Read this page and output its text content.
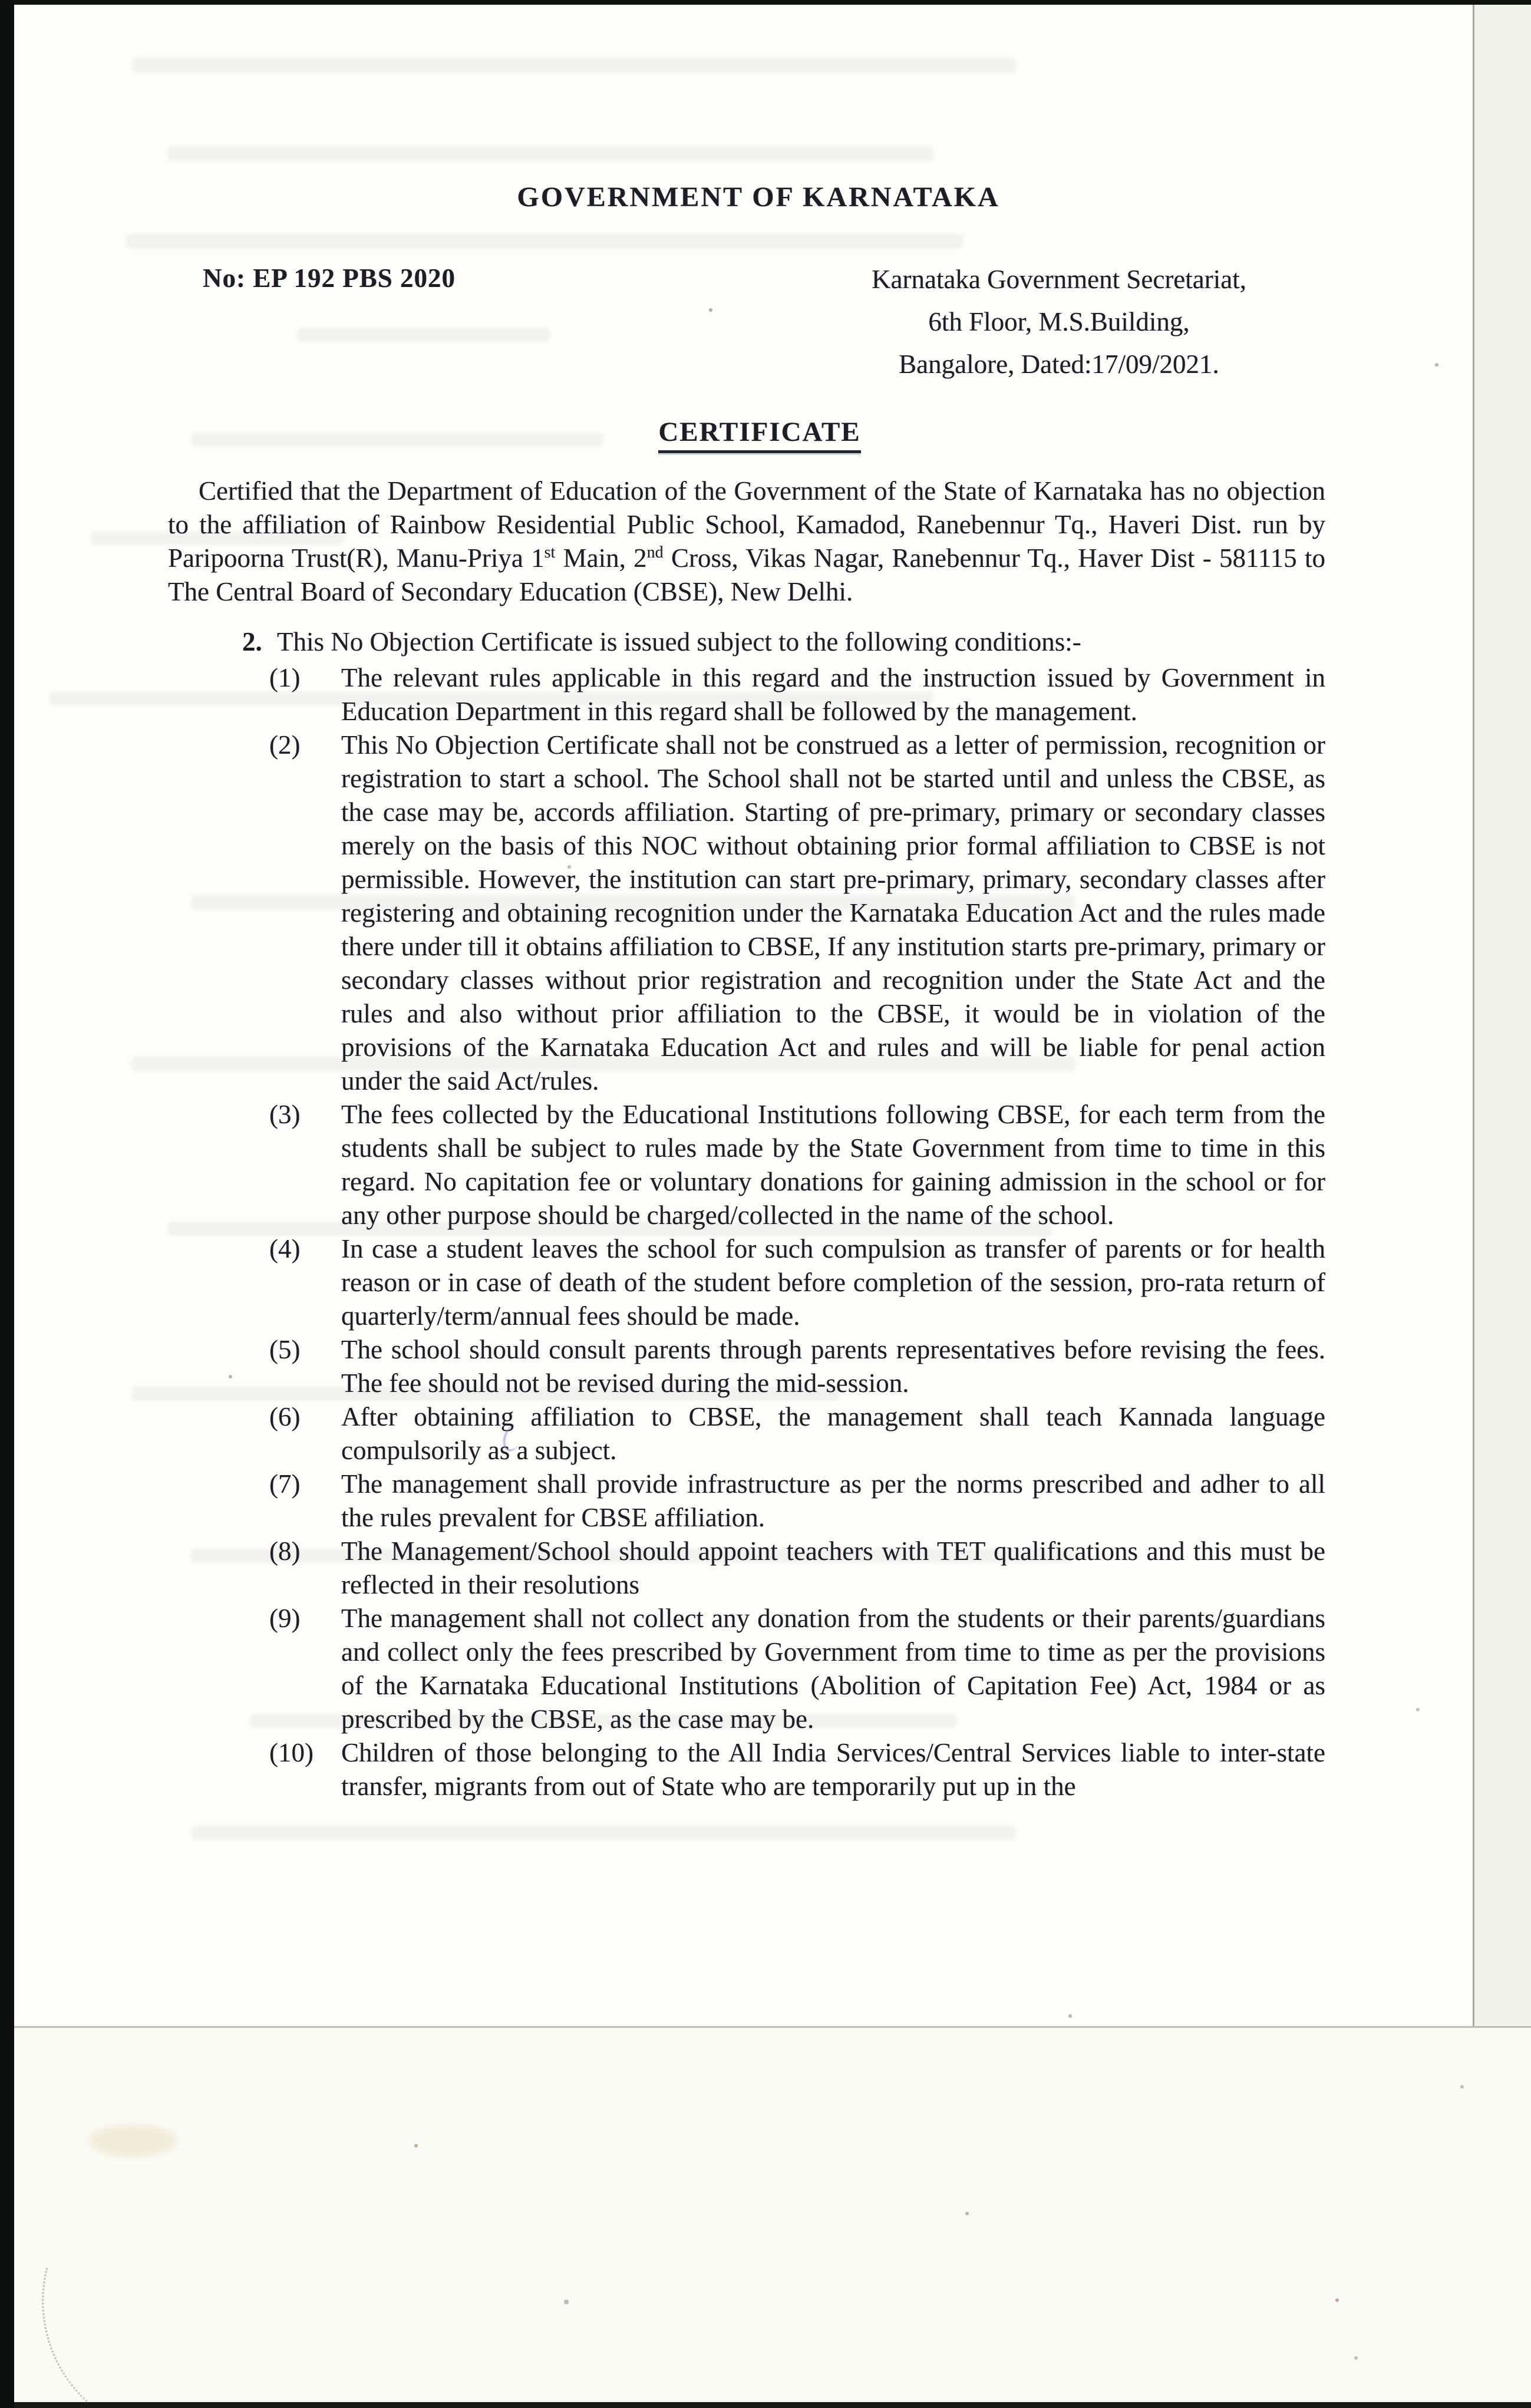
GOVERNMENT OF KARNATAKA
No: EP 192 PBS 2020	Karnataka Government Secretariat,
6th Floor, M.S.Building,
Bangalore, Dated:17/09/2021.
CERTIFICATE

Certified that the Department of Education of the Government of the State of Karnataka has no objection to the affiliation of Rainbow Residential Public School, Kamadod, Ranebennur Tq., Haveri Dist. run by Paripoorna Trust(R), Manu-Priya 1st Main, 2nd Cross, Vikas Nagar, Ranebennur Tq., Haver Dist - 581115 to The Central Board of Secondary Education (CBSE), New Delhi.

2. This No Objection Certificate is issued subject to the following conditions:-
(1) The relevant rules applicable in this regard and the instruction issued by Government in Education Department in this regard shall be followed by the management.
(2) This No Objection Certificate shall not be construed as a letter of permission, recognition or registration to start a school. The School shall not be started until and unless the CBSE, as the case may be, accords affiliation. Starting of pre-primary, primary or secondary classes merely on the basis of this NOC without obtaining prior formal affiliation to CBSE is not permissible. However, the institution can start pre-primary, primary, secondary classes after registering and obtaining recognition under the Karnataka Education Act and the rules made there under till it obtains affiliation to CBSE, If any institution starts pre-primary, primary or secondary classes without prior registration and recognition under the State Act and the rules and also without prior affiliation to the CBSE, it would be in violation of the provisions of the Karnataka Education Act and rules and will be liable for penal action under the said Act/rules.
(3) The fees collected by the Educational Institutions following CBSE, for each term from the students shall be subject to rules made by the State Government from time to time in this regard. No capitation fee or voluntary donations for gaining admission in the school or for any other purpose should be charged/collected in the name of the school.
(4) In case a student leaves the school for such compulsion as transfer of parents or for health reason or in case of death of the student before completion of the session, pro-rata return of quarterly/term/annual fees should be made.
(5) The school should consult parents through parents representatives before revising the fees. The fee should not be revised during the mid-session.
(6) After obtaining affiliation to CBSE, the management shall teach Kannada language compulsorily as a subject.
(7) The management shall provide infrastructure as per the norms prescribed and adher to all the rules prevalent for CBSE affiliation.
(8) The Management/School should appoint teachers with TET qualifications and this must be reflected in their resolutions
(9) The management shall not collect any donation from the students or their parents/guardians and collect only the fees prescribed by Government from time to time as per the provisions of the Karnataka Educational Institutions (Abolition of Capitation Fee) Act, 1984 or as prescribed by the CBSE, as the case may be.
(10) Children of those belonging to the All India Services/Central Services liable to inter-state transfer, migrants from out of State who are temporarily put up in the
